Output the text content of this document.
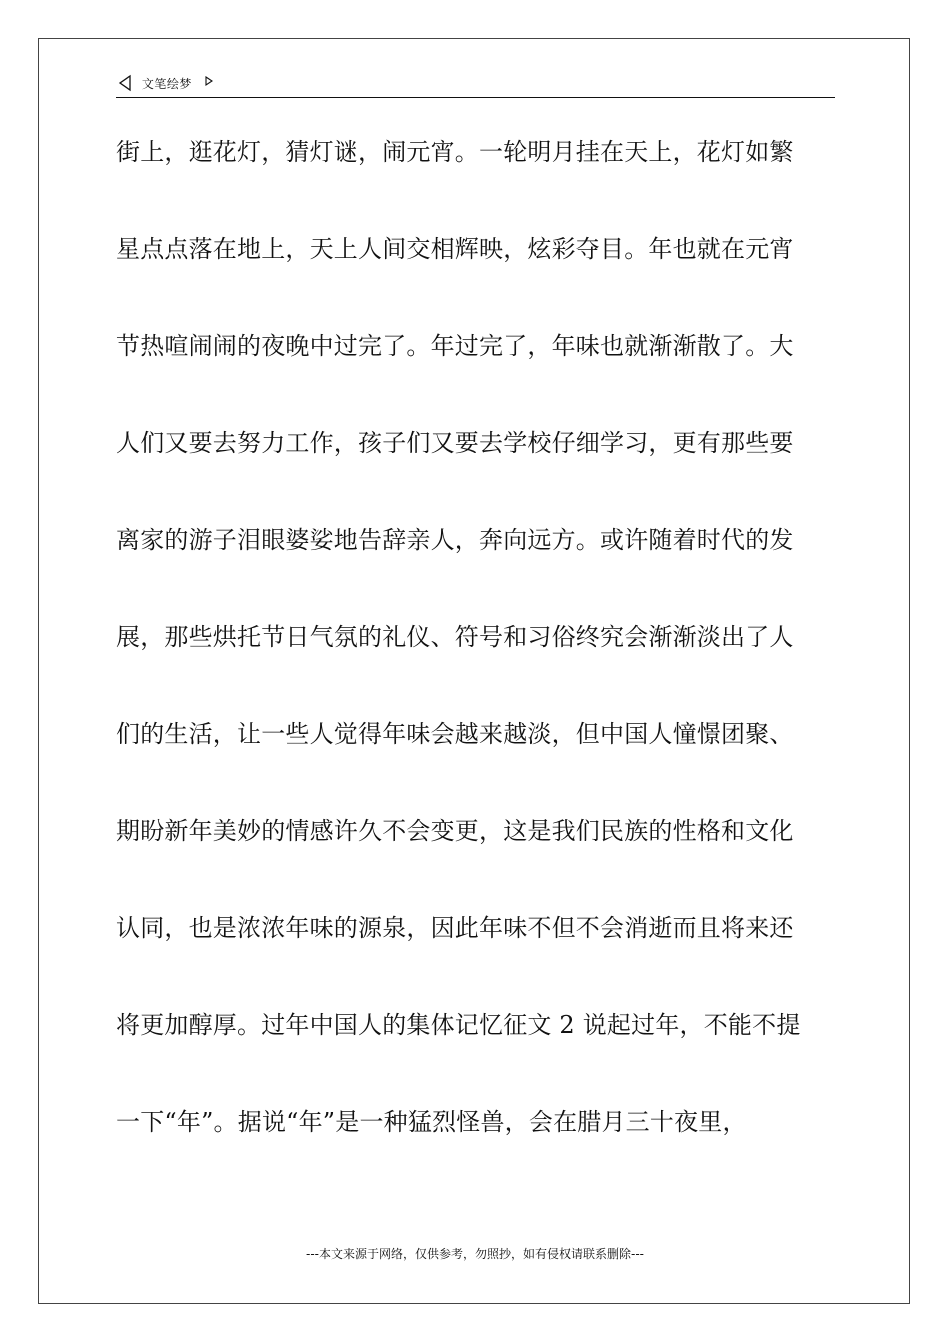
文笔绘梦
街上，逛花灯，猜灯谜，闹元宵。一轮明月挂在天上，花灯如繁
星点点落在地上，天上人间交相辉映，炫彩夺目。年也就在元宵
节热喧闹闹的夜晚中过完了。年过完了，年味也就渐渐散了。大
人们又要去努力工作，孩子们又要去学校仔细学习，更有那些要
离家的游子泪眼婆娑地告辞亲人，奔向远方。或许随着时代的发
展，那些烘托节日气氛的礼仪、符号和习俗终究会渐渐淡出了人
们的生活，让一些人觉得年味会越来越淡，但中国人憧憬团聚、
期盼新年美妙的情感许久不会变更，这是我们民族的性格和文化
认同，也是浓浓年味的源泉，因此年味不但不会消逝而且将来还
将更加醇厚。过年中国人的集体记忆征文 2 说起过年，不能不提
一下“年”。据说“年”是一种猛烈怪兽，会在腊月三十夜里，
---本文来源于网络，仅供参考，勿照抄，如有侵权请联系删除---
